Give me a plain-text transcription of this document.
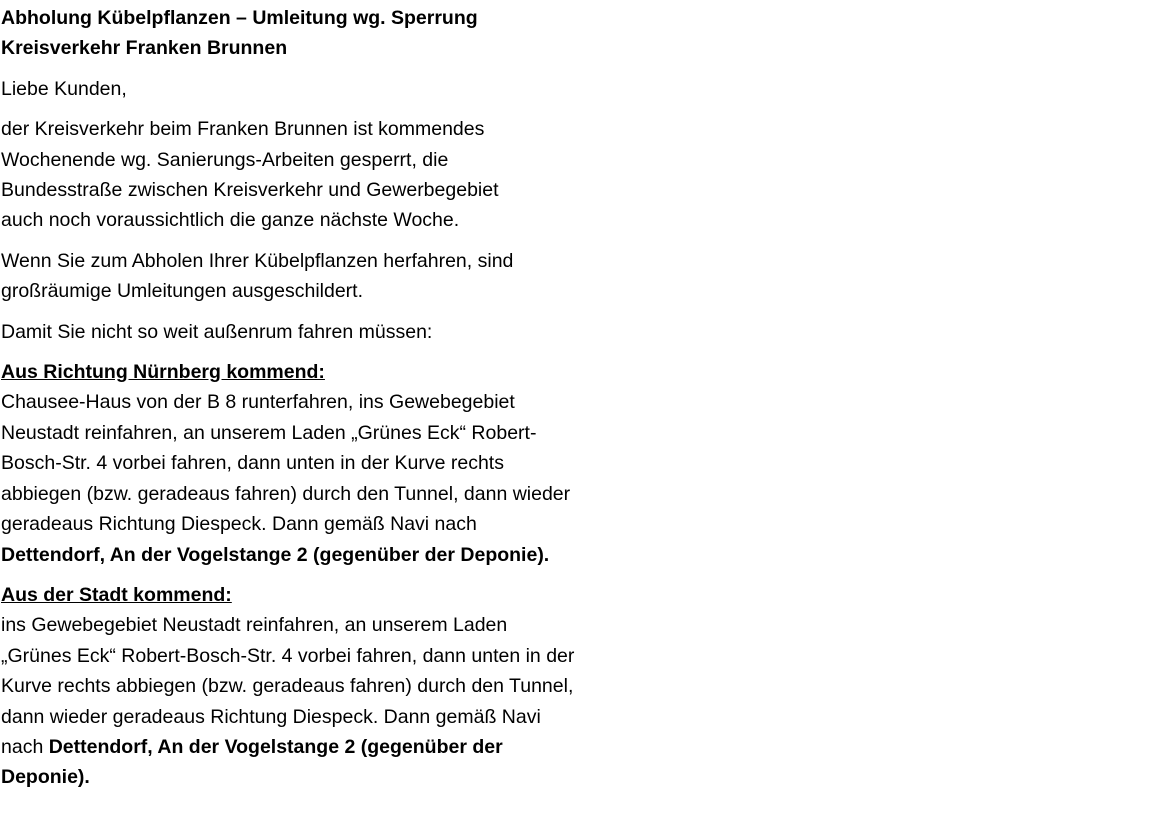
Abholung Kübelpflanzen – Umleitung wg. Sperrung Kreisverkehr Franken Brunnen

Liebe Kunden,

der Kreisverkehr beim Franken Brunnen ist kommendes Wochenende wg. Sanierungs-Arbeiten gesperrt, die Bundesstraße zwischen Kreisverkehr und Gewerbegebiet auch noch voraussichtlich die ganze nächste Woche.

Wenn Sie zum Abholen Ihrer Kübelpflanzen herfahren, sind großräumige Umleitungen ausgeschildert.

Damit Sie nicht so weit außenrum fahren müssen:

Aus Richtung Nürnberg kommend:
Chausee-Haus von der B 8 runterfahren, ins Gewebegebiet Neustadt reinfahren, an unserem Laden „Grünes Eck“ Robert-Bosch-Str. 4 vorbei fahren, dann unten in der Kurve rechts abbiegen (bzw. geradeaus fahren) durch den Tunnel, dann wieder geradeaus Richtung Diespeck. Dann gemäß Navi nach Dettendorf, An der Vogelstange 2 (gegenüber der Deponie).

Aus der Stadt kommend:
ins Gewebegebiet Neustadt reinfahren, an unserem Laden „Grünes Eck“ Robert-Bosch-Str. 4 vorbei fahren, dann unten in der Kurve rechts abbiegen (bzw. geradeaus fahren) durch den Tunnel, dann wieder geradeaus Richtung Diespeck. Dann gemäß Navi nach Dettendorf, An der Vogelstange 2 (gegenüber der Deponie).
